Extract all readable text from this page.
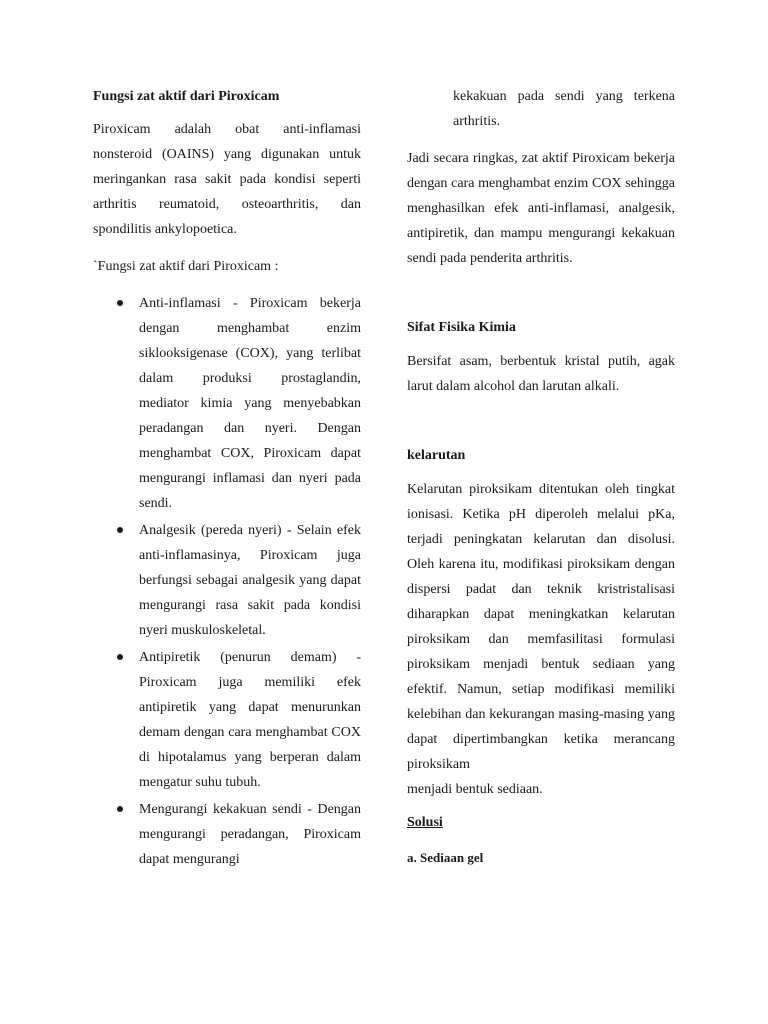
Fungsi zat aktif dari Piroxicam

Piroxicam adalah obat anti-inflamasi nonsteroid (OAINS) yang digunakan untuk meringankan rasa sakit pada kondisi seperti arthritis reumatoid, osteoarthritis, dan spondilitis ankylopoetica.

`Fungsi zat aktif dari Piroxicam :

Anti-inflamasi - Piroxicam bekerja dengan menghambat enzim siklooksigenase (COX), yang terlibat dalam produksi prostaglandin, mediator kimia yang menyebabkan peradangan dan nyeri. Dengan menghambat COX, Piroxicam dapat mengurangi inflamasi dan nyeri pada sendi.
Analgesik (pereda nyeri) - Selain efek anti-inflamasinya, Piroxicam juga berfungsi sebagai analgesik yang dapat mengurangi rasa sakit pada kondisi nyeri muskuloskeletal.
Antipiretik (penurun demam) - Piroxicam juga memiliki efek antipiretik yang dapat menurunkan demam dengan cara menghambat COX di hipotalamus yang berperan dalam mengatur suhu tubuh.
Mengurangi kekakuan sendi - Dengan mengurangi peradangan, Piroxicam dapat mengurangi

kekakuan pada sendi yang terkena arthritis.

Jadi secara ringkas, zat aktif Piroxicam bekerja dengan cara menghambat enzim COX sehingga menghasilkan efek anti-inflamasi, analgesik, antipiretik, dan mampu mengurangi kekakuan sendi pada penderita arthritis.

Sifat Fisika Kimia

Bersifat asam, berbentuk kristal putih, agak larut dalam alcohol dan larutan alkali.

kelarutan

Kelarutan piroksikam ditentukan oleh tingkat ionisasi. Ketika pH diperoleh melalui pKa, terjadi peningkatan kelarutan dan disolusi. Oleh karena itu, modifikasi piroksikam dengan dispersi padat dan teknik kristristalisasi diharapkan dapat meningkatkan kelarutan piroksikam dan memfasilitasi formulasi piroksikam menjadi bentuk sediaan yang efektif. Namun, setiap modifikasi memiliki kelebihan dan kekurangan masing-masing yang dapat dipertimbangkan ketika merancang piroksikam

menjadi bentuk sediaan.

Solusi

a. Sediaan gel
